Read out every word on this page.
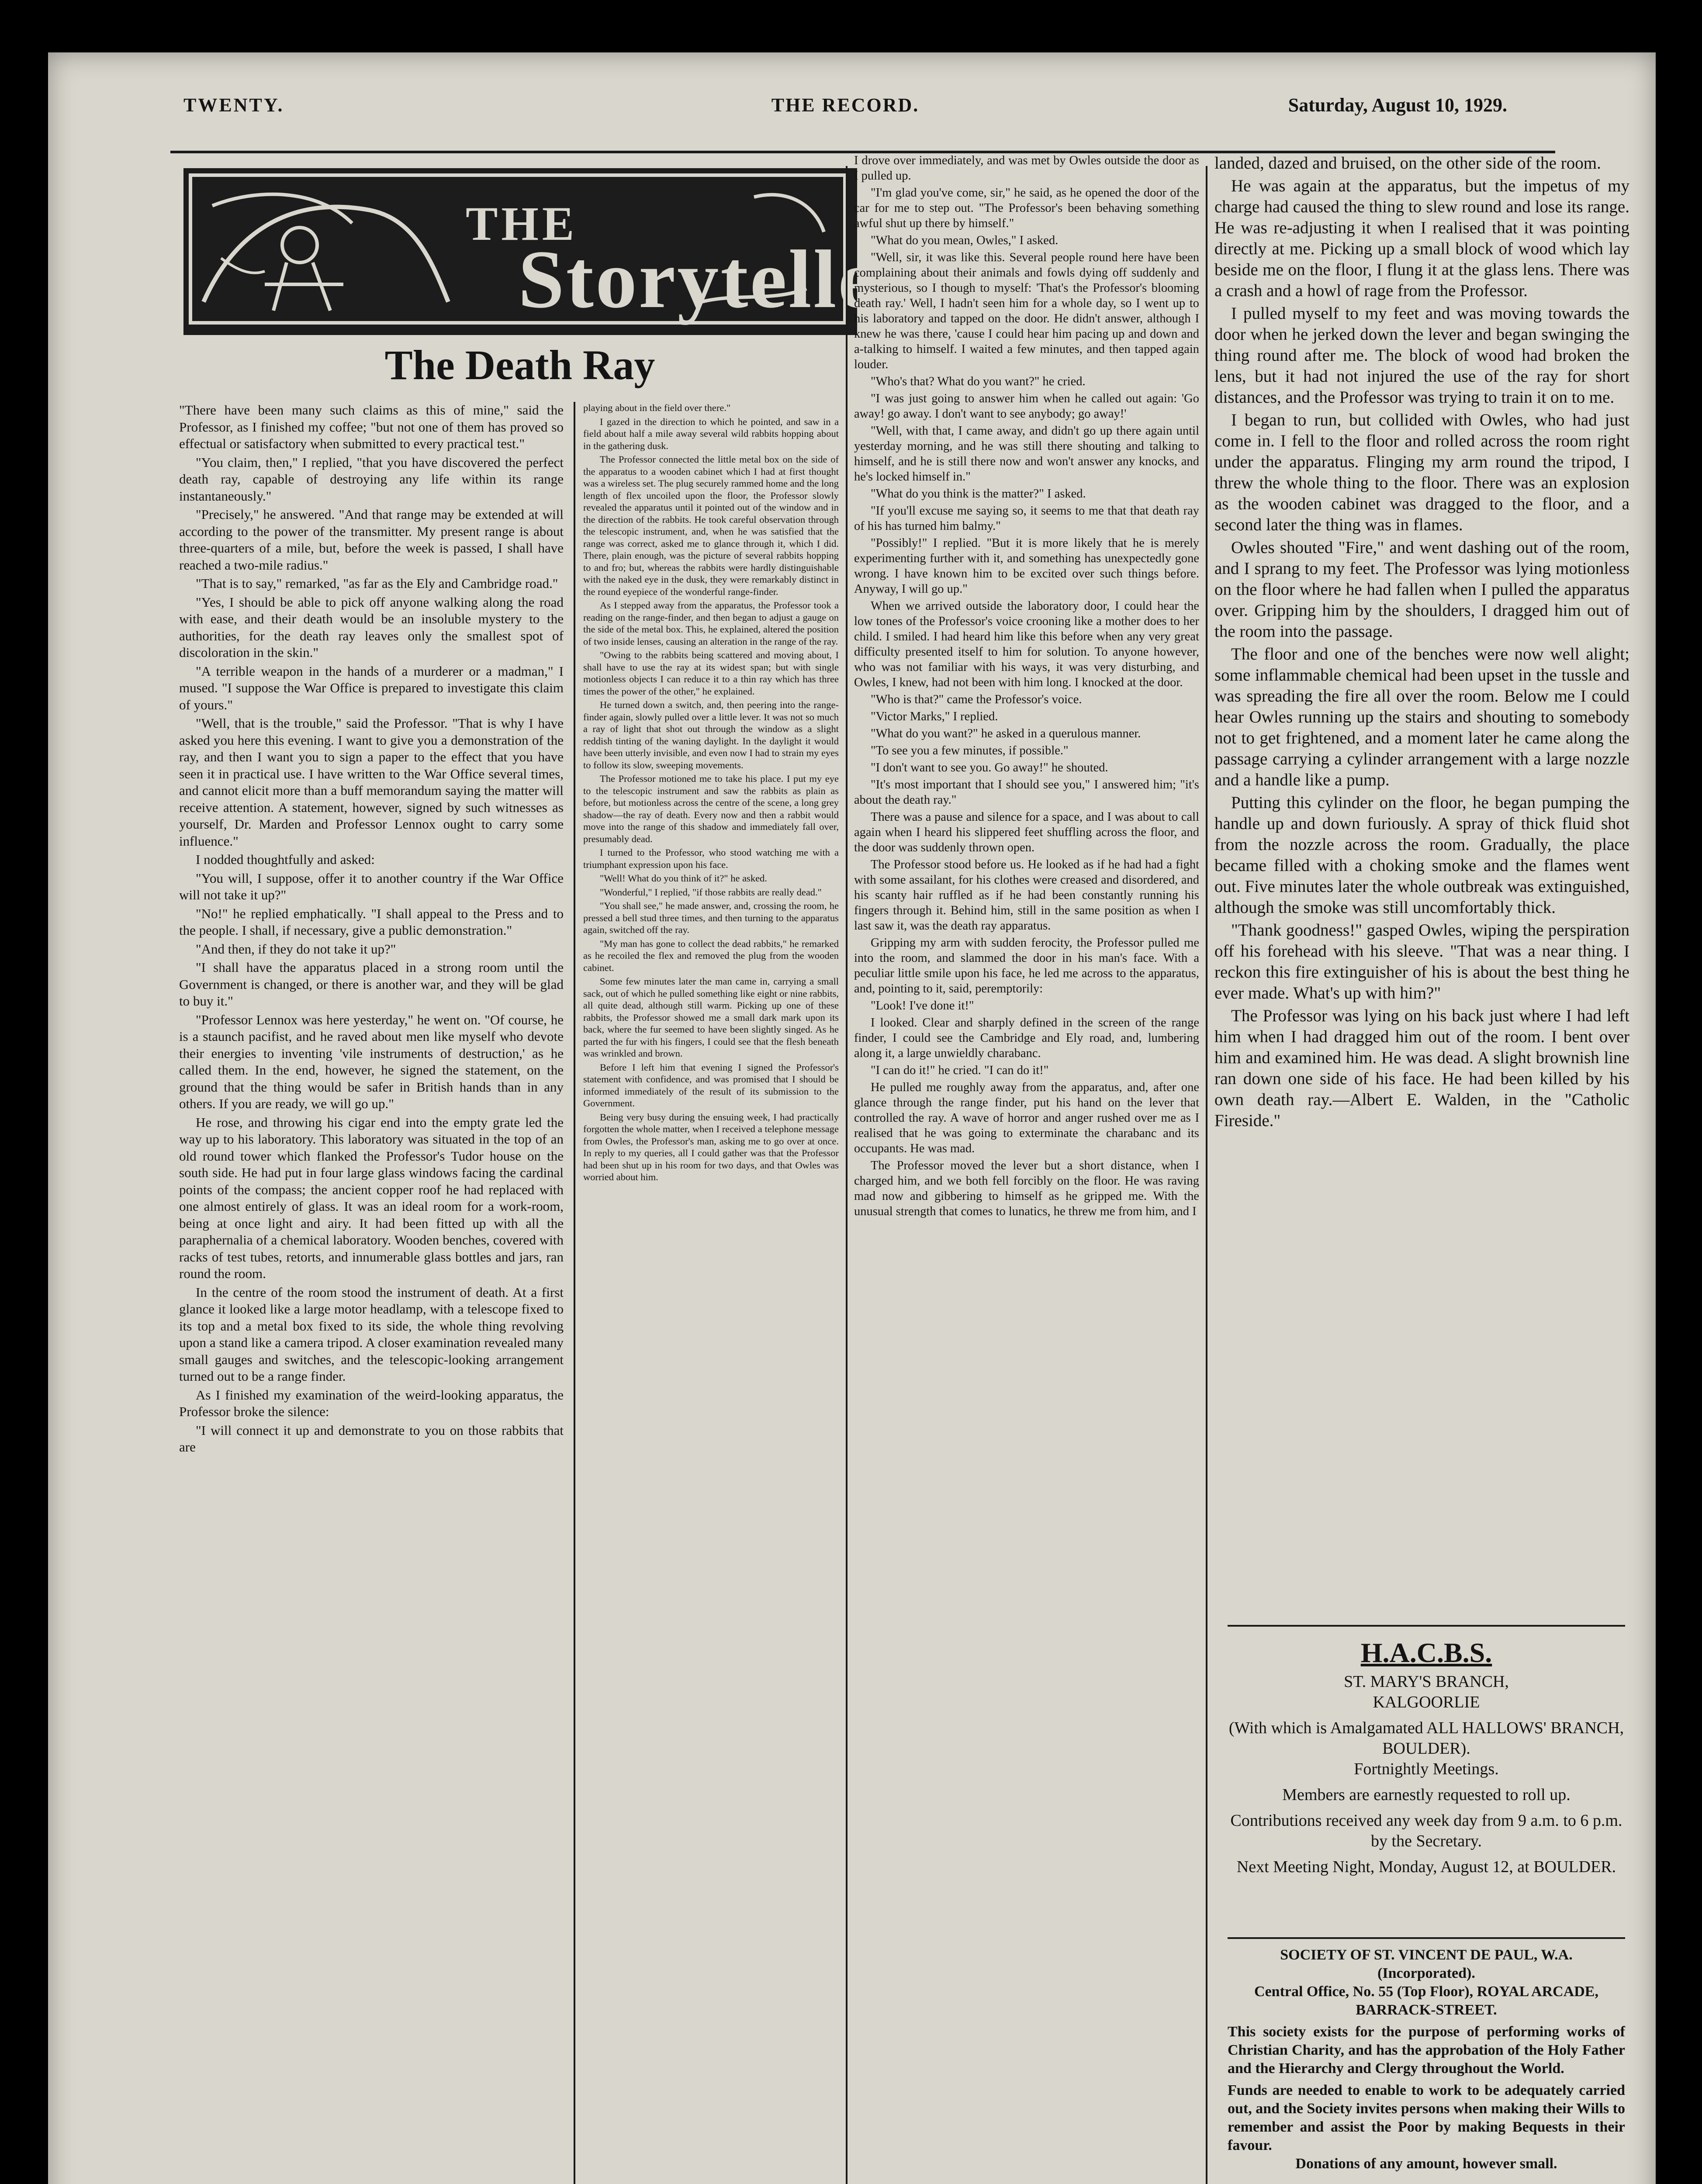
TWENTY.	THE RECORD.	Saturday, August 10, 1929.
THE
Storyteller
The Death Ray

"There have been many such claims as this of mine," said the Professor, as I finished my coffee; "but not one of them has proved so effectual or satisfactory when submitted to every practical test."

"You claim, then," I replied, "that you have discovered the perfect death ray, capable of destroying any life within its range instantaneously."

"Precisely," he answered. "And that range may be extended at will according to the power of the transmitter. My present range is about three-quarters of a mile, but, before the week is passed, I shall have reached a two-mile radius."

"That is to say," remarked, "as far as the Ely and Cambridge road."

"Yes, I should be able to pick off anyone walking along the road with ease, and their death would be an insoluble mystery to the authorities, for the death ray leaves only the smallest spot of discoloration in the skin."

"A terrible weapon in the hands of a murderer or a madman," I mused. "I suppose the War Office is prepared to investigate this claim of yours."

"Well, that is the trouble," said the Professor. "That is why I have asked you here this evening. I want to give you a demonstration of the ray, and then I want you to sign a paper to the effect that you have seen it in practical use. I have written to the War Office several times, and cannot elicit more than a buff memorandum saying the matter will receive attention. A statement, however, signed by such witnesses as yourself, Dr. Marden and Professor Lennox ought to carry some influence."

I nodded thoughtfully and asked:

"You will, I suppose, offer it to another country if the War Office will not take it up?"

"No!" he replied emphatically. "I shall appeal to the Press and to the people. I shall, if necessary, give a public demonstration."

"And then, if they do not take it up?"

"I shall have the apparatus placed in a strong room until the Government is changed, or there is another war, and they will be glad to buy it."

"Professor Lennox was here yesterday," he went on. "Of course, he is a staunch pacifist, and he raved about men like myself who devote their energies to inventing 'vile instruments of destruction,' as he called them. In the end, however, he signed the statement, on the ground that the thing would be safer in British hands than in any others. If you are ready, we will go up."

He rose, and throwing his cigar end into the empty grate led the way up to his laboratory. This laboratory was situated in the top of an old round tower which flanked the Professor's Tudor house on the south side. He had put in four large glass windows facing the cardinal points of the compass; the ancient copper roof he had replaced with one almost entirely of glass. It was an ideal room for a work-room, being at once light and airy. It had been fitted up with all the paraphernalia of a chemical laboratory. Wooden benches, covered with racks of test tubes, retorts, and innumerable glass bottles and jars, ran round the room.

In the centre of the room stood the instrument of death. At a first glance it looked like a large motor headlamp, with a telescope fixed to its top and a metal box fixed to its side, the whole thing revolving upon a stand like a camera tripod. A closer examination revealed many small gauges and switches, and the telescopic-looking arrangement turned out to be a range finder.

As I finished my examination of the weird-looking apparatus, the Professor broke the silence:

"I will connect it up and demonstrate to you on those rabbits that are

playing about in the field over there."

I gazed in the direction to which he pointed, and saw in a field about half a mile away several wild rabbits hopping about in the gathering dusk.

The Professor connected the little metal box on the side of the apparatus to a wooden cabinet which I had at first thought was a wireless set. The plug securely rammed home and the long length of flex uncoiled upon the floor, the Professor slowly revealed the apparatus until it pointed out of the window and in the direction of the rabbits. He took careful observation through the telescopic instrument, and, when he was satisfied that the range was correct, asked me to glance through it, which I did. There, plain enough, was the picture of several rabbits hopping to and fro; but, whereas the rabbits were hardly distinguishable with the naked eye in the dusk, they were remarkably distinct in the round eyepiece of the wonderful range-finder.

As I stepped away from the apparatus, the Professor took a reading on the range-finder, and then began to adjust a gauge on the side of the metal box. This, he explained, altered the position of two inside lenses, causing an alteration in the range of the ray.

"Owing to the rabbits being scattered and moving about, I shall have to use the ray at its widest span; but with single motionless objects I can reduce it to a thin ray which has three times the power of the other," he explained.

He turned down a switch, and, then peering into the range-finder again, slowly pulled over a little lever. It was not so much a ray of light that shot out through the window as a slight reddish tinting of the waning daylight. In the daylight it would have been utterly invisible, and even now I had to strain my eyes to follow its slow, sweeping movements.

The Professor motioned me to take his place. I put my eye to the telescopic instrument and saw the rabbits as plain as before, but motionless across the centre of the scene, a long grey shadow—the ray of death. Every now and then a rabbit would move into the range of this shadow and immediately fall over, presumably dead.

I turned to the Professor, who stood watching me with a triumphant expression upon his face.

"Well! What do you think of it?" he asked.

"Wonderful," I replied, "if those rabbits are really dead."

"You shall see," he made answer, and, crossing the room, he pressed a bell stud three times, and then turning to the apparatus again, switched off the ray.

"My man has gone to collect the dead rabbits," he remarked as he recoiled the flex and removed the plug from the wooden cabinet.

Some few minutes later the man came in, carrying a small sack, out of which he pulled something like eight or nine rabbits, all quite dead, although still warm. Picking up one of these rabbits, the Professor showed me a small dark mark upon its back, where the fur seemed to have been slightly singed. As he parted the fur with his fingers, I could see that the flesh beneath was wrinkled and brown.

Before I left him that evening I signed the Professor's statement with confidence, and was promised that I should be informed immediately of the result of its submission to the Government.

Being very busy during the ensuing week, I had practically forgotten the whole matter, when I received a telephone message from Owles, the Professor's man, asking me to go over at once. In reply to my queries, all I could gather was that the Professor had been shut up in his room for two days, and that Owles was worried about him.

I drove over immediately, and was met by Owles outside the door as I pulled up.

"I'm glad you've come, sir," he said, as he opened the door of the car for me to step out. "The Professor's been behaving something awful shut up there by himself."

"What do you mean, Owles," I asked.

"Well, sir, it was like this. Several people round here have been complaining about their animals and fowls dying off suddenly and mysterious, so I though to myself: 'That's the Professor's blooming death ray.' Well, I hadn't seen him for a whole day, so I went up to his laboratory and tapped on the door. He didn't answer, although I knew he was there, 'cause I could hear him pacing up and down and a-talking to himself. I waited a few minutes, and then tapped again louder.

"Who's that? What do you want?" he cried.

"I was just going to answer him when he called out again: 'Go away! go away. I don't want to see anybody; go away!'

"Well, with that, I came away, and didn't go up there again until yesterday morning, and he was still there shouting and talking to himself, and he is still there now and won't answer any knocks, and he's locked himself in."

"What do you think is the matter?" I asked.

"If you'll excuse me saying so, it seems to me that that death ray of his has turned him balmy."

"Possibly!" I replied. "But it is more likely that he is merely experimenting further with it, and something has unexpectedly gone wrong. I have known him to be excited over such things before. Anyway, I will go up."

When we arrived outside the laboratory door, I could hear the low tones of the Professor's voice crooning like a mother does to her child. I smiled. I had heard him like this before when any very great difficulty presented itself to him for solution. To anyone however, who was not familiar with his ways, it was very disturbing, and Owles, I knew, had not been with him long. I knocked at the door.

"Who is that?" came the Professor's voice.

"Victor Marks," I replied.

"What do you want?" he asked in a querulous manner.

"To see you a few minutes, if possible."

"I don't want to see you. Go away!" he shouted.

"It's most important that I should see you," I answered him; "it's about the death ray."

There was a pause and silence for a space, and I was about to call again when I heard his slippered feet shuffling across the floor, and the door was suddenly thrown open.

The Professor stood before us. He looked as if he had had a fight with some assailant, for his clothes were creased and disordered, and his scanty hair ruffled as if he had been constantly running his fingers through it. Behind him, still in the same position as when I last saw it, was the death ray apparatus.

Gripping my arm with sudden ferocity, the Professor pulled me into the room, and slammed the door in his man's face. With a peculiar little smile upon his face, he led me across to the apparatus, and, pointing to it, said, peremptorily:

"Look! I've done it!"

I looked. Clear and sharply defined in the screen of the range finder, I could see the Cambridge and Ely road, and, lumbering along it, a large unwieldly charabanc.

"I can do it!" he cried. "I can do it!"

He pulled me roughly away from the apparatus, and, after one glance through the range finder, put his hand on the lever that controlled the ray. A wave of horror and anger rushed over me as I realised that he was going to exterminate the charabanc and its occupants. He was mad.

The Professor moved the lever but a short distance, when I charged him, and we both fell forcibly on the floor. He was raving mad now and gibbering to himself as he gripped me. With the unusual strength that comes to lunatics, he threw me from him, and I

landed, dazed and bruised, on the other side of the room.

He was again at the apparatus, but the impetus of my charge had caused the thing to slew round and lose its range. He was re-adjusting it when I realised that it was pointing directly at me. Picking up a small block of wood which lay beside me on the floor, I flung it at the glass lens. There was a crash and a howl of rage from the Professor.

I pulled myself to my feet and was moving towards the door when he jerked down the lever and began swinging the thing round after me. The block of wood had broken the lens, but it had not injured the use of the ray for short distances, and the Professor was trying to train it on to me.

I began to run, but collided with Owles, who had just come in. I fell to the floor and rolled across the room right under the apparatus. Flinging my arm round the tripod, I threw the whole thing to the floor. There was an explosion as the wooden cabinet was dragged to the floor, and a second later the thing was in flames.

Owles shouted "Fire," and went dashing out of the room, and I sprang to my feet. The Professor was lying motionless on the floor where he had fallen when I pulled the apparatus over. Gripping him by the shoulders, I dragged him out of the room into the passage.

The floor and one of the benches were now well alight; some inflammable chemical had been upset in the tussle and was spreading the fire all over the room. Below me I could hear Owles running up the stairs and shouting to somebody not to get frightened, and a moment later he came along the passage carrying a cylinder arrangement with a large nozzle and a handle like a pump.

Putting this cylinder on the floor, he began pumping the handle up and down furiously. A spray of thick fluid shot from the nozzle across the room. Gradually, the place became filled with a choking smoke and the flames went out. Five minutes later the whole outbreak was extinguished, although the smoke was still uncomfortably thick.

"Thank goodness!" gasped Owles, wiping the perspiration off his forehead with his sleeve. "That was a near thing. I reckon this fire extinguisher of his is about the best thing he ever made. What's up with him?"

The Professor was lying on his back just where I had left him when I had dragged him out of the room. I bent over him and examined him. He was dead. A slight brownish line ran down one side of his face. He had been killed by his own death ray.—Albert E. Walden, in the "Catholic Fireside."

H.A.C.B.S.

ST. MARY'S BRANCH,

KALGOORLIE

(With which is Amalgamated ALL HALLOWS' BRANCH, BOULDER).

Fortnightly Meetings.

Members are earnestly requested to roll up.

Contributions received any week day from 9 a.m. to 6 p.m. by the Secretary.

Next Meeting Night, Monday, August 12, at BOULDER.

SOCIETY OF ST. VINCENT DE PAUL, W.A.
(Incorporated).
Central Office, No. 55 (Top Floor), ROYAL ARCADE, BARRACK-STREET.
This society exists for the purpose of performing works of Christian Charity, and has the approbation of the Holy Father and the Hierarchy and Clergy throughout the World.
Funds are needed to enable to work to be adequately carried out, and the Society invites persons when making their Wills to remember and assist the Poor by making Bequests in their favour.
Donations of any amount, however small.
